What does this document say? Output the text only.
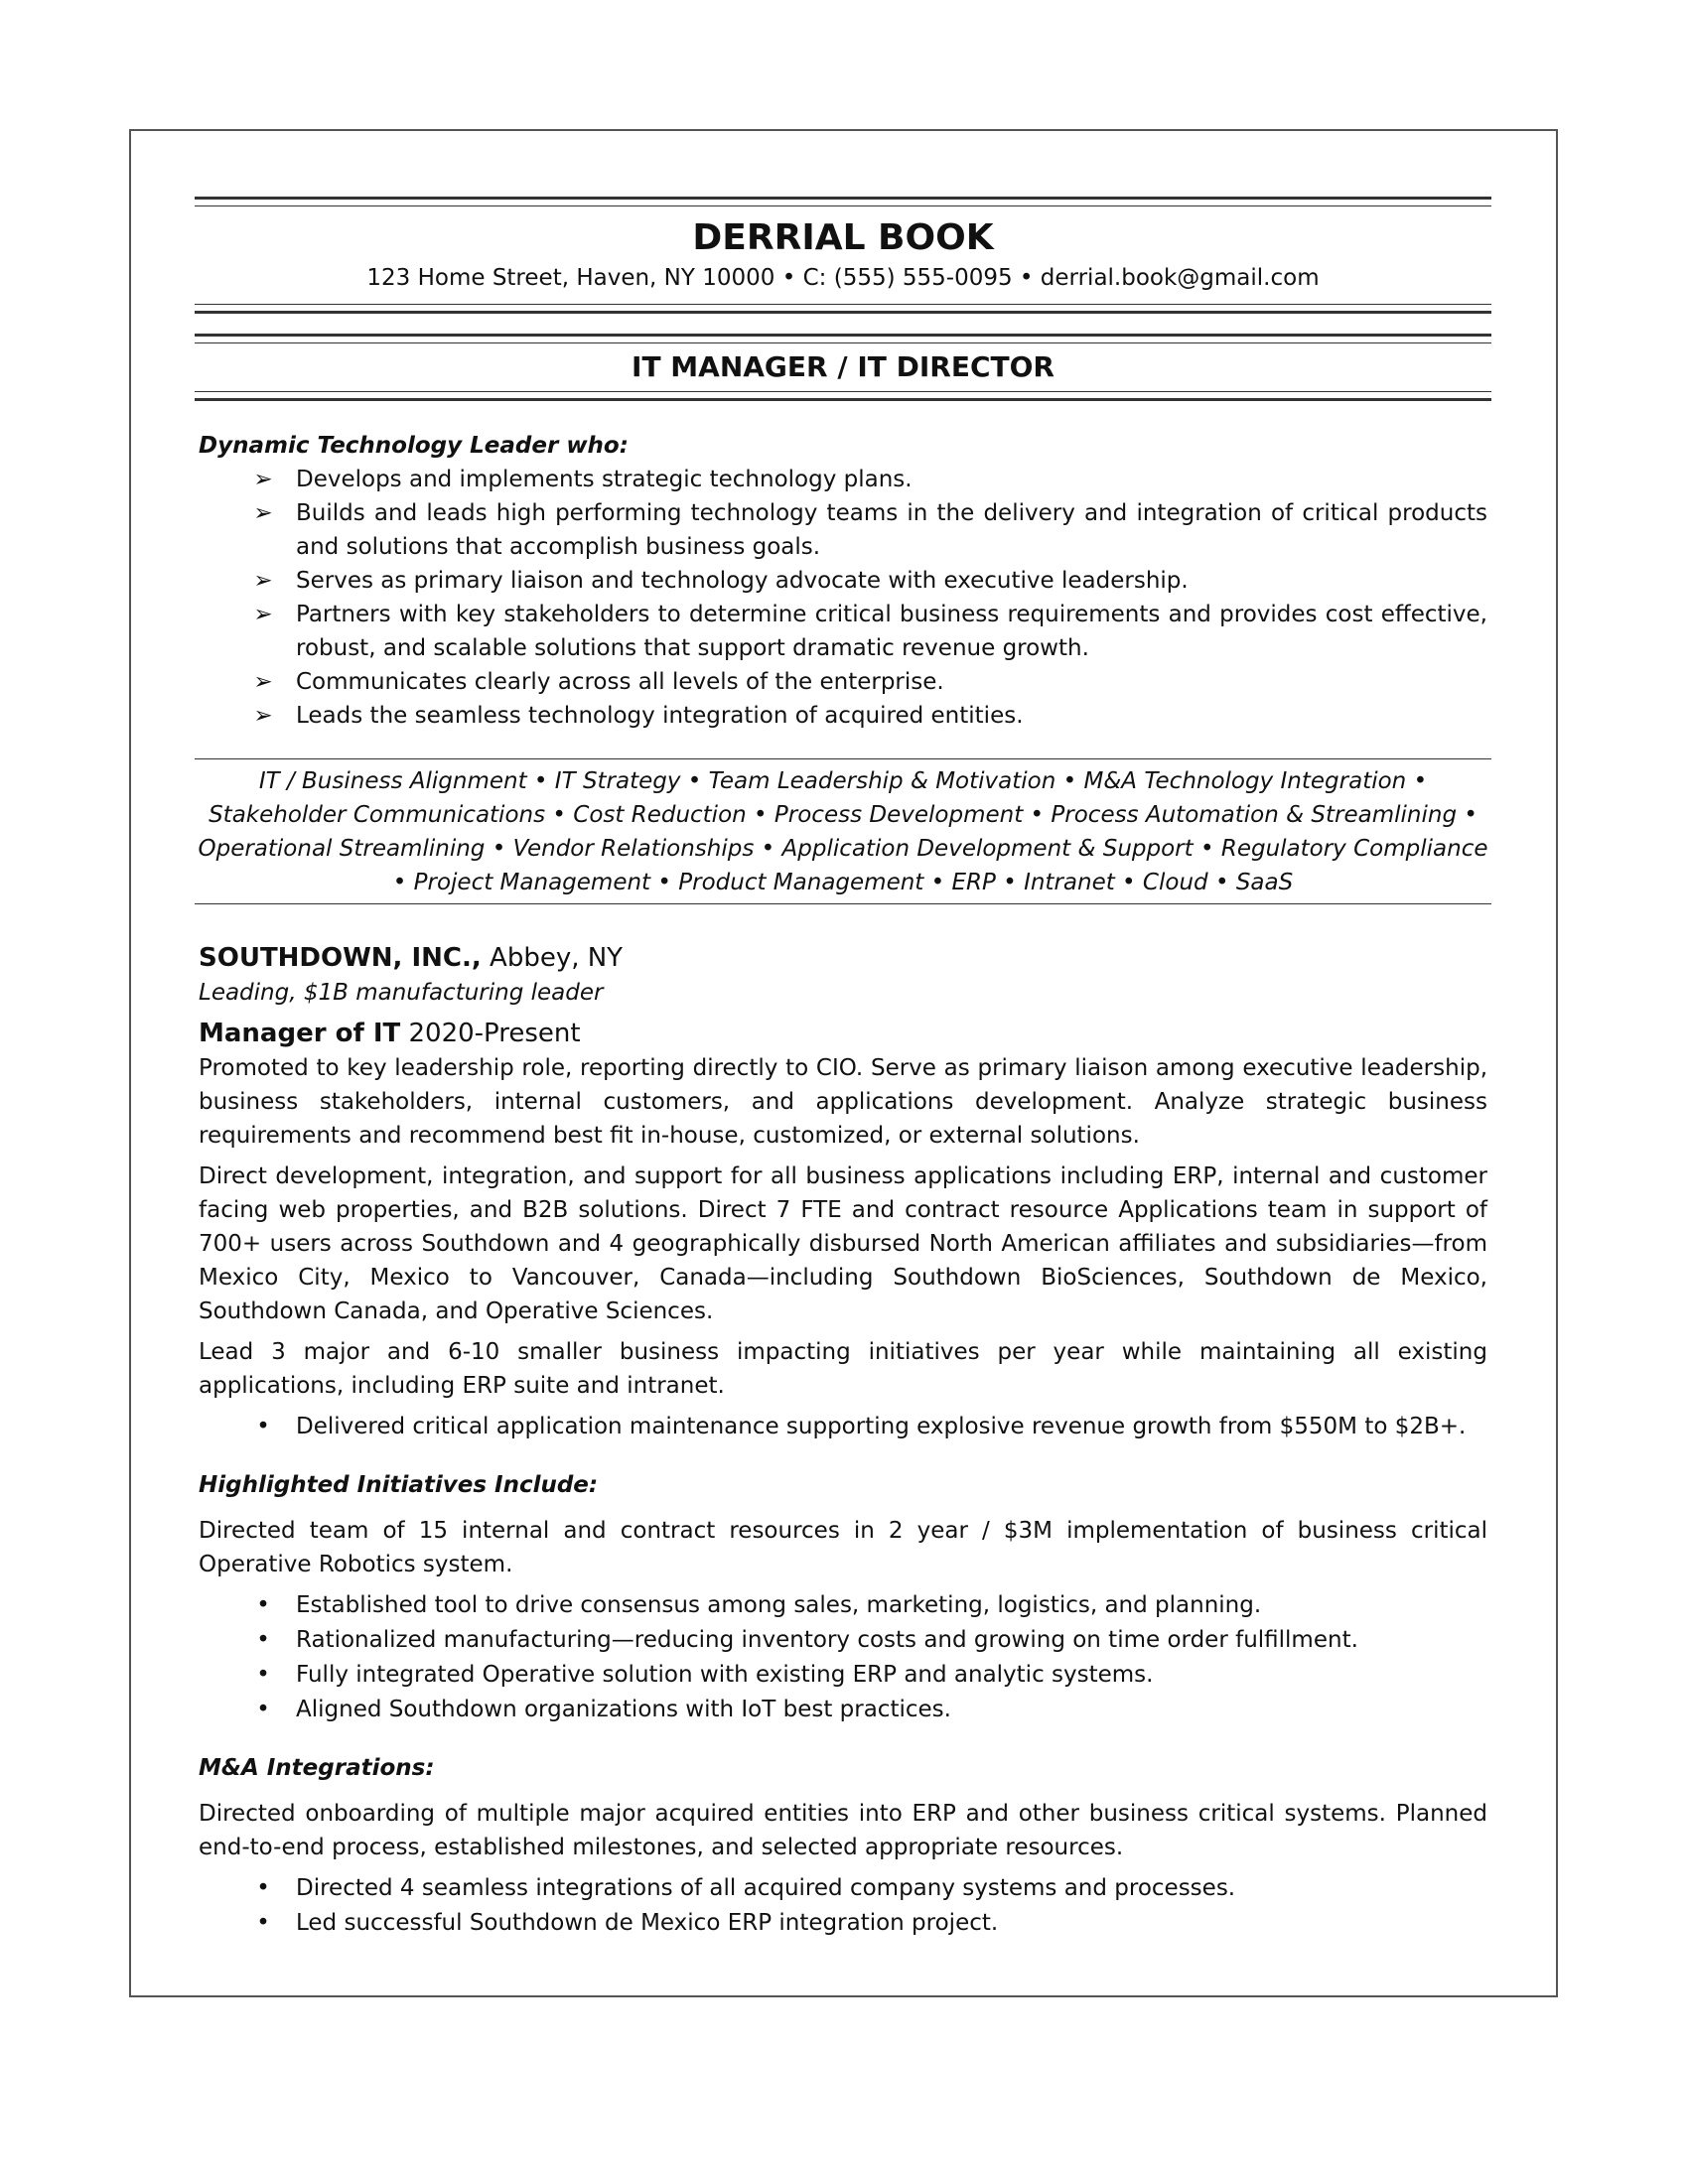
DERRIAL BOOK
123 Home Street, Haven, NY 10000 • C: (555) 555-0095 • derrial.book@gmail.com
IT MANAGER / IT DIRECTOR
Dynamic Technology Leader who:
➢ Develops and implements strategic technology plans.
➢ Builds and leads high performing technology teams in the delivery and integration of critical products and solutions that accomplish business goals.
➢ Serves as primary liaison and technology advocate with executive leadership.
➢ Partners with key stakeholders to determine critical business requirements and provides cost effective, robust, and scalable solutions that support dramatic revenue growth.
➢ Communicates clearly across all levels of the enterprise.
➢ Leads the seamless technology integration of acquired entities.
IT / Business Alignment • IT Strategy • Team Leadership & Motivation • M&A Technology Integration • Stakeholder Communications • Cost Reduction • Process Development • Process Automation & Streamlining • Operational Streamlining • Vendor Relationships • Application Development & Support • Regulatory Compliance • Project Management • Product Management • ERP • Intranet • Cloud • SaaS
SOUTHDOWN, INC., Abbey, NY
Leading, $1B manufacturing leader
Manager of IT 2020-Present

Promoted to key leadership role, reporting directly to CIO. Serve as primary liaison among executive leadership, business stakeholders, internal customers, and applications development. Analyze strategic business requirements and recommend best fit in-house, customized, or external solutions.

Direct development, integration, and support for all business applications including ERP, internal and customer facing web properties, and B2B solutions. Direct 7 FTE and contract resource Applications team in support of 700+ users across Southdown and 4 geographically disbursed North American affiliates and subsidiaries—from Mexico City, Mexico to Vancouver, Canada—including Southdown BioSciences, Southdown de Mexico, Southdown Canada, and Operative Sciences.

Lead 3 major and 6-10 smaller business impacting initiatives per year while maintaining all existing applications, including ERP suite and intranet.

•	Delivered critical application maintenance supporting explosive revenue growth from $550M to $2B+.
Highlighted Initiatives Include:

Directed team of 15 internal and contract resources in 2 year / $3M implementation of business critical Operative Robotics system.

•	Established tool to drive consensus among sales, marketing, logistics, and planning.
•	Rationalized manufacturing—reducing inventory costs and growing on time order fulfillment.
•	Fully integrated Operative solution with existing ERP and analytic systems.
•	Aligned Southdown organizations with IoT best practices.
M&A Integrations:

Directed onboarding of multiple major acquired entities into ERP and other business critical systems. Planned end-to-end process, established milestones, and selected appropriate resources.

•	Directed 4 seamless integrations of all acquired company systems and processes.
•	Led successful Southdown de Mexico ERP integration project.
